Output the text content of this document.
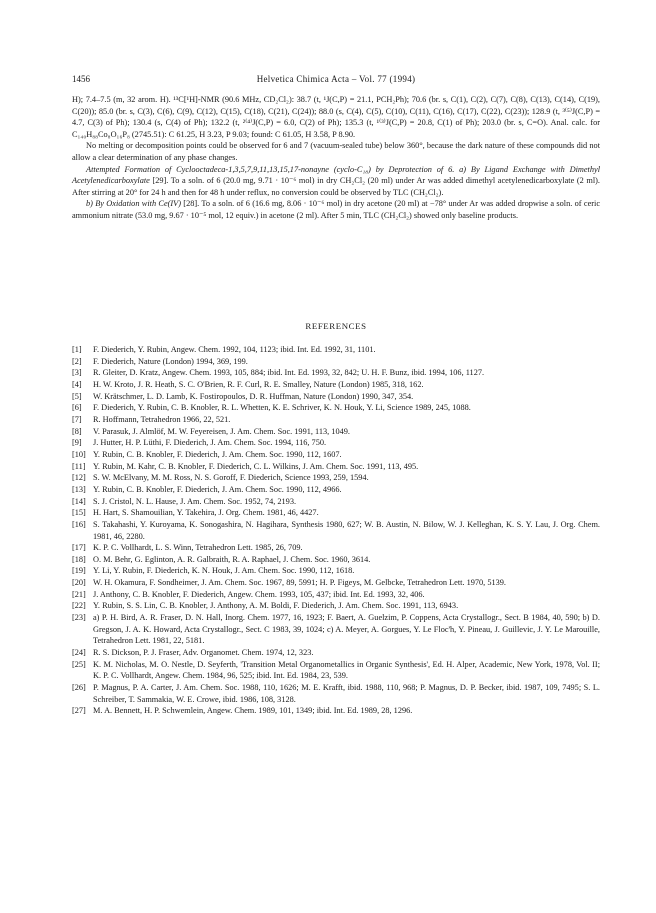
1456	Helvetica Chimica Acta – Vol. 77 (1994)

H); 7.4–7.5 (m, 32 arom. H). ¹³C[¹H]-NMR (90.6 MHz, CD₂Cl₂): 38.7 (t, ¹J(C,P) = 21.1, PCH₂Ph); 70.6 (br. s, C(1), C(2), C(7), C(8), C(13), C(14), C(19), C(20)); 85.0 (br. s, C(3), C(6), C(9), C(12), C(15), C(18), C(21), C(24)); 88.0 (s, C(4), C(5), C(10), C(11), C(16), C(17), C(22), C(23)); 128.9 (t, ³⁽⁵⁾J(C,P) = 4.7, C(3) of Ph); 130.4 (s, C(4) of Ph); 132.2 (t, ²⁽⁴⁾J(C,P) = 6.0, C(2) of Ph); 135.3 (t, ¹⁽³⁾J(C,P) = 20.8, C(1) of Ph); 203.0 (br. s, C=O). Anal. calc. for C₁₄₀H₈₈Co₈O₁₆P₈ (2745.51): C 61.25, H 3.23, P 9.03; found: C 61.05, H 3.58, P 8.90.

No melting or decomposition points could be observed for 6 and 7 (vacuum-sealed tube) below 360°, because the dark nature of these compounds did not allow a clear determination of any phase changes.

Attempted Formation of Cyclooctadeca-1,3,5,7,9,11,13,15,17-nonayne (cyclo-C₁₈) by Deprotection of 6. a) By Ligand Exchange with Dimethyl Acetylenedicarboxylate [29]. To a soln. of 6 (20.0 mg, 9.71 · 10⁻⁶ mol) in dry CH₂Cl₂ (20 ml) under Ar was added dimethyl acetylenedicarboxylate (2 ml). After stirring at 20° for 24 h and then for 48 h under reflux, no conversion could be observed by TLC (CH₂Cl₂).

b) By Oxidation with Ce(IV) [28]. To a soln. of 6 (16.6 mg, 8.06 · 10⁻⁶ mol) in dry acetone (20 ml) at −78° under Ar was added dropwise a soln. of ceric ammonium nitrate (53.0 mg, 9.67 · 10⁻⁵ mol, 12 equiv.) in acetone (2 ml). After 5 min, TLC (CH₂Cl₂) showed only baseline products.

REFERENCES
[1] F. Diederich, Y. Rubin, Angew. Chem. 1992, 104, 1123; ibid. Int. Ed. 1992, 31, 1101.
[2] F. Diederich, Nature (London) 1994, 369, 199.
[3] R. Gleiter, D. Kratz, Angew. Chem. 1993, 105, 884; ibid. Int. Ed. 1993, 32, 842; U. H. F. Bunz, ibid. 1994, 106, 1127.
[4] H. W. Kroto, J. R. Heath, S. C. O'Brien, R. F. Curl, R. E. Smalley, Nature (London) 1985, 318, 162.
[5] W. Krätschmer, L. D. Lamb, K. Fostiropoulos, D. R. Huffman, Nature (London) 1990, 347, 354.
[6] F. Diederich, Y. Rubin, C. B. Knobler, R. L. Whetten, K. E. Schriver, K. N. Houk, Y. Li, Science 1989, 245, 1088.
[7] R. Hoffmann, Tetrahedron 1966, 22, 521.
[8] V. Parasuk, J. Almlöf, M. W. Feyereisen, J. Am. Chem. Soc. 1991, 113, 1049.
[9] J. Hutter, H. P. Lüthi, F. Diederich, J. Am. Chem. Soc. 1994, 116, 750.
[10] Y. Rubin, C. B. Knobler, F. Diederich, J. Am. Chem. Soc. 1990, 112, 1607.
[11] Y. Rubin, M. Kahr, C. B. Knobler, F. Diederich, C. L. Wilkins, J. Am. Chem. Soc. 1991, 113, 495.
[12] S. W. McElvany, M. M. Ross, N. S. Goroff, F. Diederich, Science 1993, 259, 1594.
[13] Y. Rubin, C. B. Knobler, F. Diederich, J. Am. Chem. Soc. 1990, 112, 4966.
[14] S. J. Cristol, N. L. Hause, J. Am. Chem. Soc. 1952, 74, 2193.
[15] H. Hart, S. Shamouilian, Y. Takehira, J. Org. Chem. 1981, 46, 4427.
[16] S. Takahashi, Y. Kuroyama, K. Sonogashira, N. Hagihara, Synthesis 1980, 627; W. B. Austin, N. Bilow, W. J. Kelleghan, K. S. Y. Lau, J. Org. Chem. 1981, 46, 2280.
[17] K. P. C. Vollhardt, L. S. Winn, Tetrahedron Lett. 1985, 26, 709.
[18] O. M. Behr, G. Eglinton, A. R. Galbraith, R. A. Raphael, J. Chem. Soc. 1960, 3614.
[19] Y. Li, Y. Rubin, F. Diederich, K. N. Houk, J. Am. Chem. Soc. 1990, 112, 1618.
[20] W. H. Okamura, F. Sondheimer, J. Am. Chem. Soc. 1967, 89, 5991; H. P. Figeys, M. Gelbcke, Tetrahedron Lett. 1970, 5139.
[21] J. Anthony, C. B. Knobler, F. Diederich, Angew. Chem. 1993, 105, 437; ibid. Int. Ed. 1993, 32, 406.
[22] Y. Rubin, S. S. Lin, C. B. Knobler, J. Anthony, A. M. Boldi, F. Diederich, J. Am. Chem. Soc. 1991, 113, 6943.
[23] a) P. H. Bird, A. R. Fraser, D. N. Hall, Inorg. Chem. 1977, 16, 1923; F. Baert, A. Guelzim, P. Coppens, Acta Crystallogr., Sect. B 1984, 40, 590; b) D. Gregson, J. A. K. Howard, Acta Crystallogr., Sect. C 1983, 39, 1024; c) A. Meyer, A. Gorgues, Y. Le Floc'h, Y. Pineau, J. Guillevic, J. Y. Le Marouille, Tetrahedron Lett. 1981, 22, 5181.
[24] R. S. Dickson, P. J. Fraser, Adv. Organomet. Chem. 1974, 12, 323.
[25] K. M. Nicholas, M. O. Nestle, D. Seyferth, 'Transition Metal Organometallics in Organic Synthesis', Ed. H. Alper, Academic, New York, 1978, Vol. II; K. P. C. Vollhardt, Angew. Chem. 1984, 96, 525; ibid. Int. Ed. 1984, 23, 539.
[26] P. Magnus, P. A. Carter, J. Am. Chem. Soc. 1988, 110, 1626; M. E. Krafft, ibid. 1988, 110, 968; P. Magnus, D. P. Becker, ibid. 1987, 109, 7495; S. L. Schreiber, T. Sammakia, W. E. Crowe, ibid. 1986, 108, 3128.
[27] M. A. Bennett, H. P. Schwemlein, Angew. Chem. 1989, 101, 1349; ibid. Int. Ed. 1989, 28, 1296.
